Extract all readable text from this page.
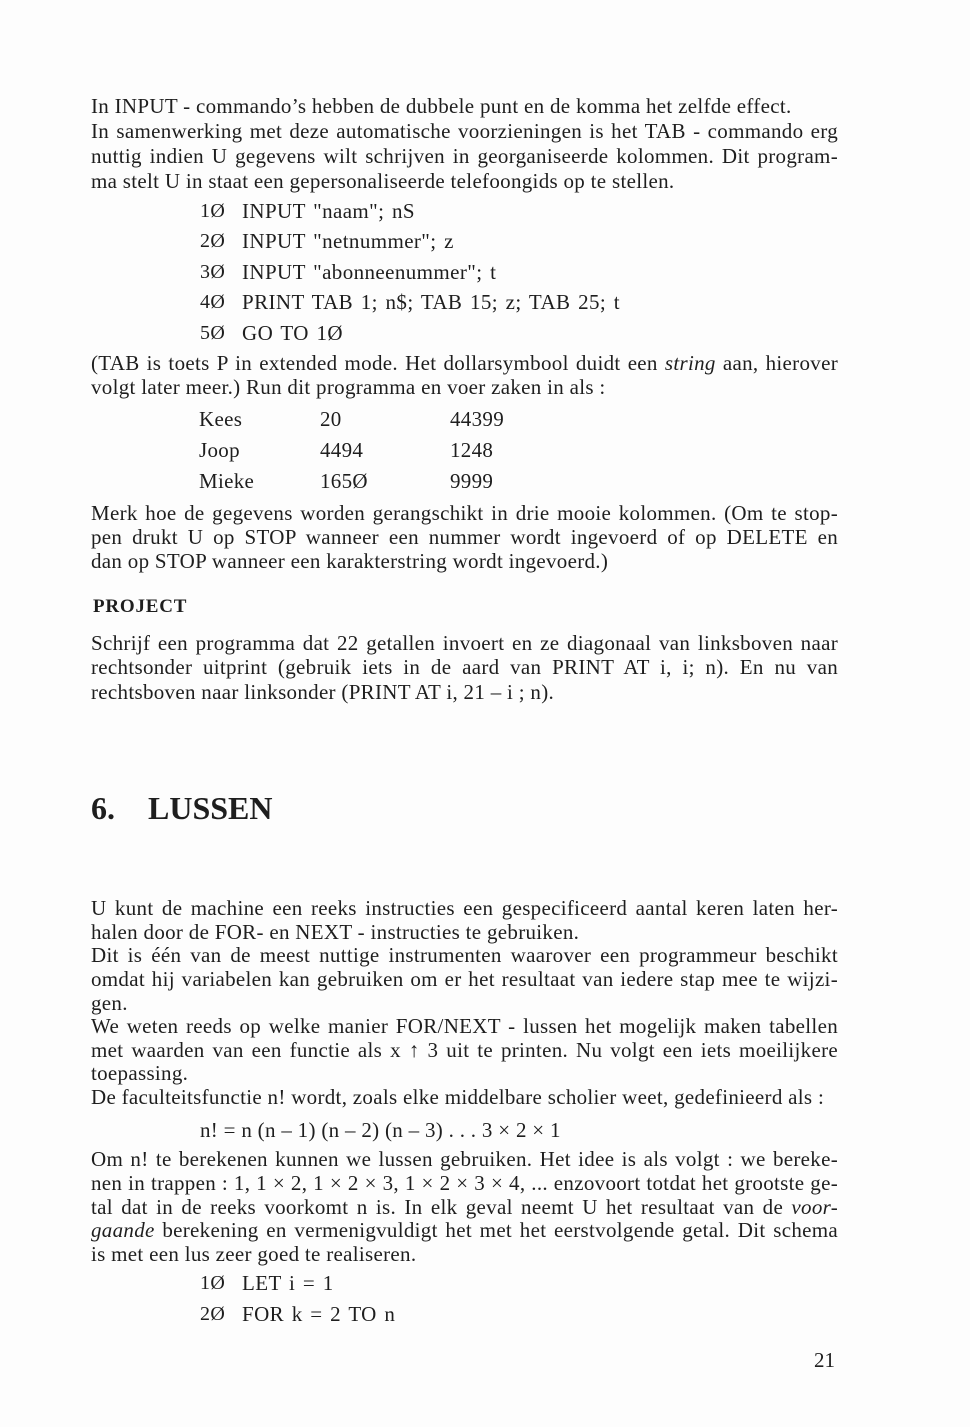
In INPUT - commando’s hebben de dubbele punt en de komma het zelfde effect.
In samenwerking met deze automatische voorzieningen is het TAB - commando erg
nuttig indien U gegevens wilt schrijven in georganiseerde kolommen. Dit program-
ma stelt U in staat een gepersonaliseerde telefoongids op te stellen.
1Ø INPUT "naam"; nS
2Ø INPUT "netnummer"; z
3Ø INPUT "abonneenummer"; t
4Ø PRINT TAB 1; n$; TAB 15; z; TAB 25; t
5Ø GO TO 1Ø
(TAB is toets P in extended mode. Het dollarsymbool duidt een string aan, hierover
volgt later meer.) Run dit programma en voer zaken in als :
Kees	20	44399
Joop	4494	1248
Mieke	165Ø	9999
Merk hoe de gegevens worden gerangschikt in drie mooie kolommen. (Om te stop-
pen drukt U op STOP wanneer een nummer wordt ingevoerd of op DELETE en
dan op STOP wanneer een karakterstring wordt ingevoerd.)
PROJECT
Schrijf een programma dat 22 getallen invoert en ze diagonaal van linksboven naar
rechtsonder uitprint (gebruik iets in de aard van PRINT AT i, i; n). En nu van
rechtsboven naar linksonder (PRINT AT i, 21 – i ; n).
6. LUSSEN
U kunt de machine een reeks instructies een gespecificeerd aantal keren laten her-
halen door de FOR- en NEXT - instructies te gebruiken.
Dit is één van de meest nuttige instrumenten waarover een programmeur beschikt
omdat hij variabelen kan gebruiken om er het resultaat van iedere stap mee te wijzi-
gen.
We weten reeds op welke manier FOR/NEXT - lussen het mogelijk maken tabellen
met waarden van een functie als x ↑ 3 uit te printen. Nu volgt een iets moeilijkere
toepassing.
De faculteitsfunctie n! wordt, zoals elke middelbare scholier weet, gedefinieerd als :
n! = n (n – 1) (n – 2) (n – 3) . . . 3 × 2 × 1
Om n! te berekenen kunnen we lussen gebruiken. Het idee is als volgt : we bereke-
nen in trappen : 1, 1 × 2, 1 × 2 × 3, 1 × 2 × 3 × 4, ... enzovoort totdat het grootste ge-
tal dat in de reeks voorkomt n is. In elk geval neemt U het resultaat van de voor-
gaande berekening en vermenigvuldigt het met het eerstvolgende getal. Dit schema
is met een lus zeer goed te realiseren.
1Ø LET i = 1
2Ø FOR k = 2 TO n
21
